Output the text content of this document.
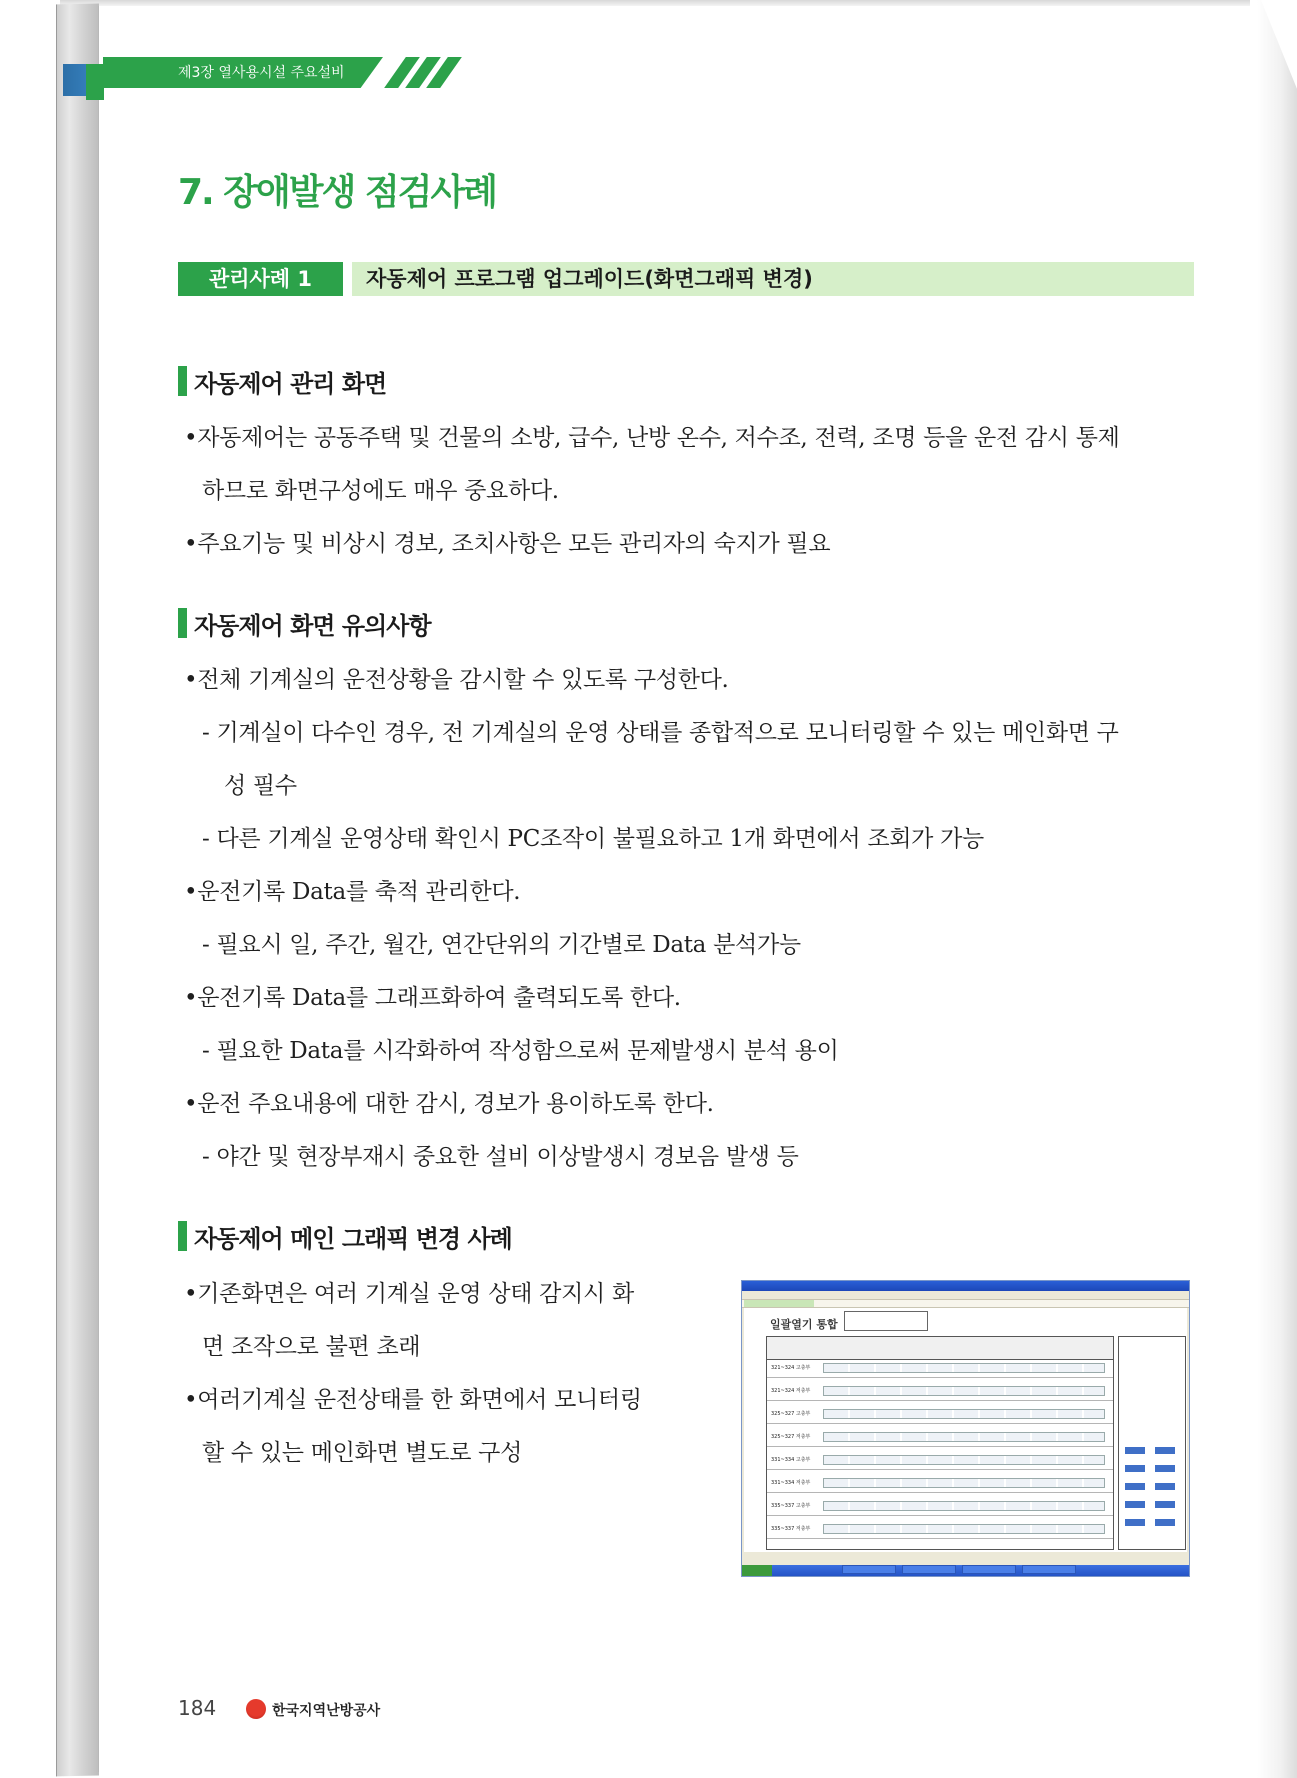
제3장 열사용시설 주요설비
7. 장애발생 점검사례
관리사례 1	자동제어 프로그램 업그레이드(화면그래픽 변경)
자동제어 관리 화면
•자동제어는 공동주택 및 건물의 소방, 급수, 난방 온수, 저수조, 전력, 조명 등을 운전 감시 통제
하므로 화면구성에도 매우 중요하다.
•주요기능 및 비상시 경보, 조치사항은 모든 관리자의 숙지가 필요
자동제어 화면 유의사항
•전체 기계실의 운전상황을 감시할 수 있도록 구성한다.
- 기계실이 다수인 경우, 전 기계실의 운영 상태를 종합적으로 모니터링할 수 있는 메인화면 구
성 필수
- 다른 기계실 운영상태 확인시 PC조작이 불필요하고 1개 화면에서 조회가 가능
•운전기록 Data를 축적 관리한다.
- 필요시 일, 주간, 월간, 연간단위의 기간별로 Data 분석가능
•운전기록 Data를 그래프화하여 출력되도록 한다.
- 필요한 Data를 시각화하여 작성함으로써 문제발생시 분석 용이
•운전 주요내용에 대한 감시, 경보가 용이하도록 한다.
- 야간 및 현장부재시 중요한 설비 이상발생시 경보음 발생 등
자동제어 메인 그래픽 변경 사례
•기존화면은 여러 기계실 운영 상태 감지시 화
면 조작으로 불편 초래
•여러기계실 운전상태를 한 화면에서 모니터링
할 수 있는 메인화면 별도로 구성
일괄열기 통합
321~324 고층부
321~324 저층부
325~327 고층부
325~327 저층부
331~334 고층부
331~334 저층부
335~337 고층부
335~337 저층부
184	한국지역난방공사
